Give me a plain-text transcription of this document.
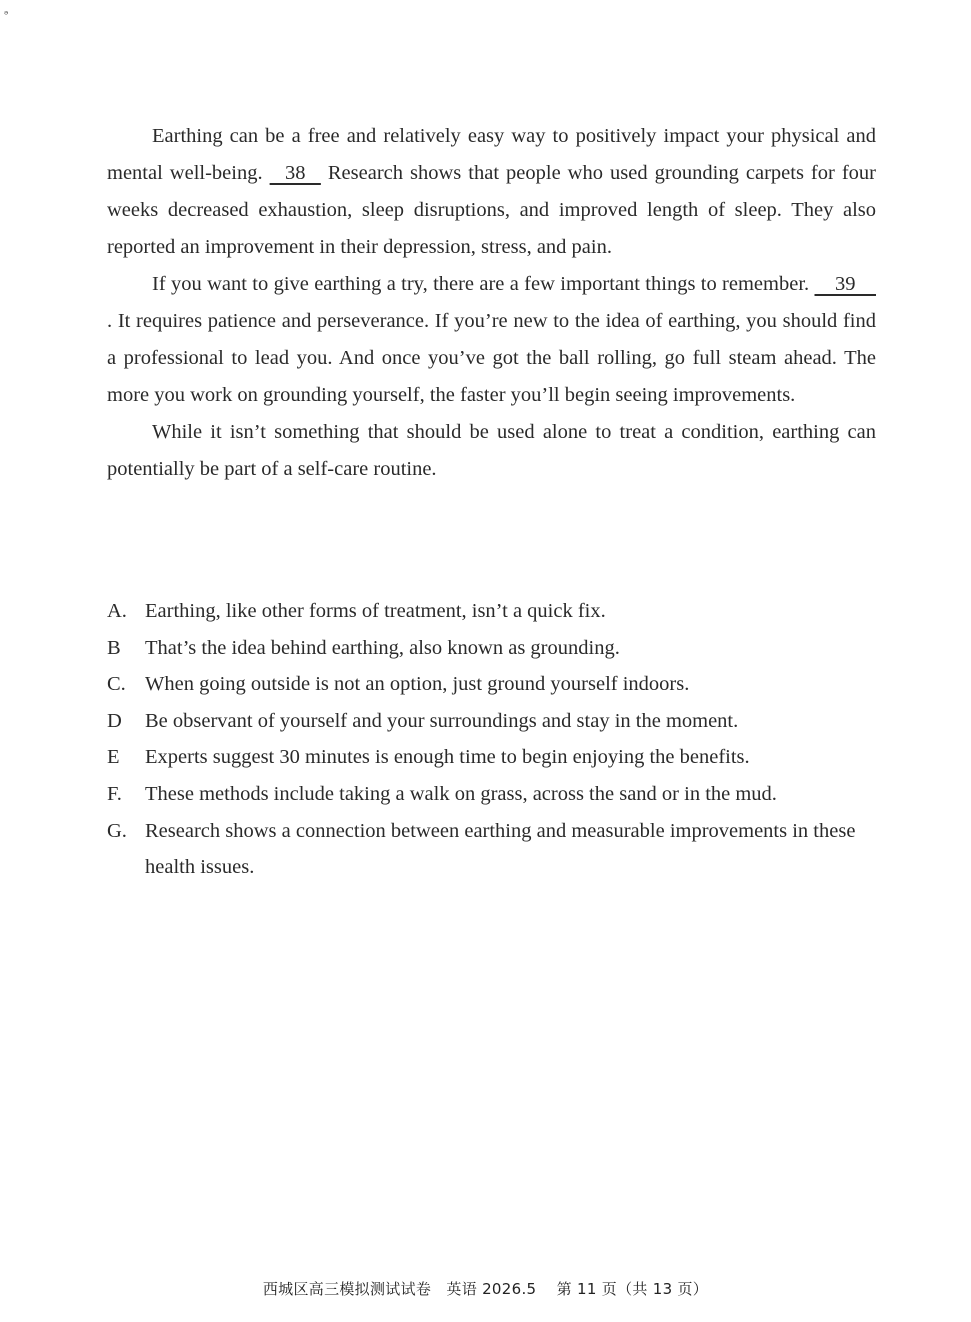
ᵊ

Earthing can be a free and relatively easy way to positively impact your physical and mental well-being.    38    Research shows that people who used grounding carpets for four weeks decreased exhaustion, sleep disruptions, and improved length of sleep. They also reported an improvement in their depression, stress, and pain.

If you want to give earthing a try, there are a few important things to remember.     39    . It requires patience and perseverance. If you’re new to the idea of earthing, you should find a professional to lead you. And once you’ve got the ball rolling, go full steam ahead. The more you work on grounding yourself, the faster you’ll begin seeing improvements.

While it isn’t something that should be used alone to treat a condition, earthing can potentially be part of a self-care routine.

A. Earthing, like other forms of treatment, isn’t a quick fix.
B	That’s the idea behind earthing, also known as grounding.
C. When going outside is not an option, just ground yourself indoors.
D	Be observant of yourself and your surroundings and stay in the moment.
E	Experts suggest 30 minutes is enough time to begin enjoying the benefits.
F.	These methods include taking a walk on grass, across the sand or in the mud.
G. Research shows a connection between earthing and measurable improvements in these health issues.
西城区高三模拟测试试卷 英语 2026.5 第 11 页（共 13 页）
